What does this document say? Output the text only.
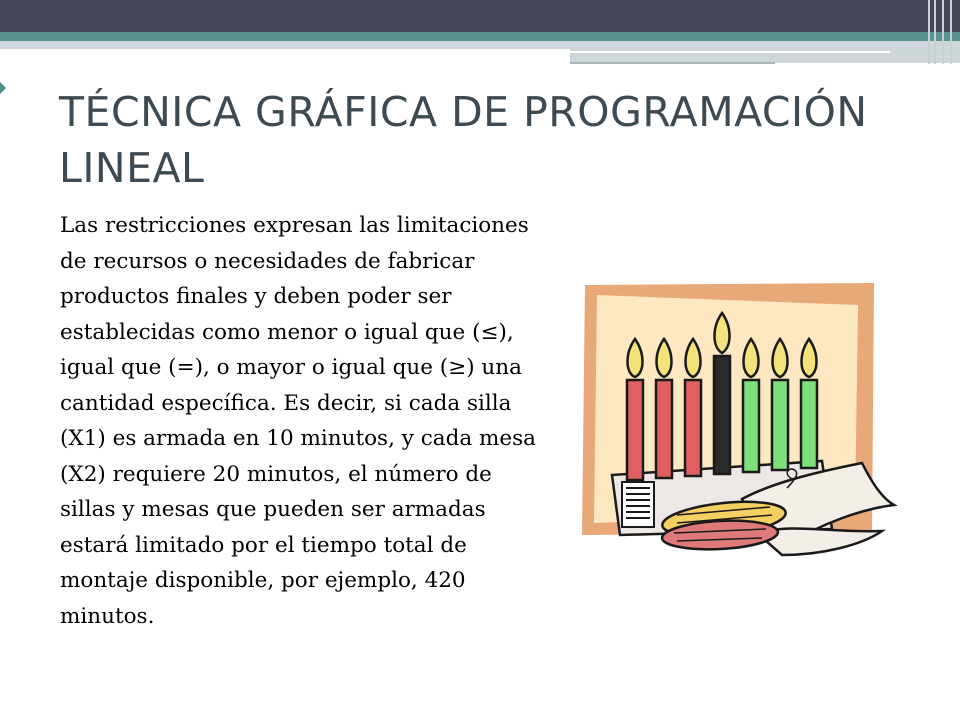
TÉCNICA GRÁFICA DE PROGRAMACIÓN LINEAL

Las restricciones expresan las limitaciones de recursos o necesidades de fabricar productos finales y deben poder ser establecidas como menor o igual que (≤), igual que (=), o mayor o igual que (≥) una cantidad específica. Es decir, si cada silla (X1) es armada en 10 minutos, y cada mesa (X2) requiere 20 minutos, el número de sillas y mesas que pueden ser armadas estará limitado por el tiempo total de montaje disponible, por ejemplo, 420 minutos.
